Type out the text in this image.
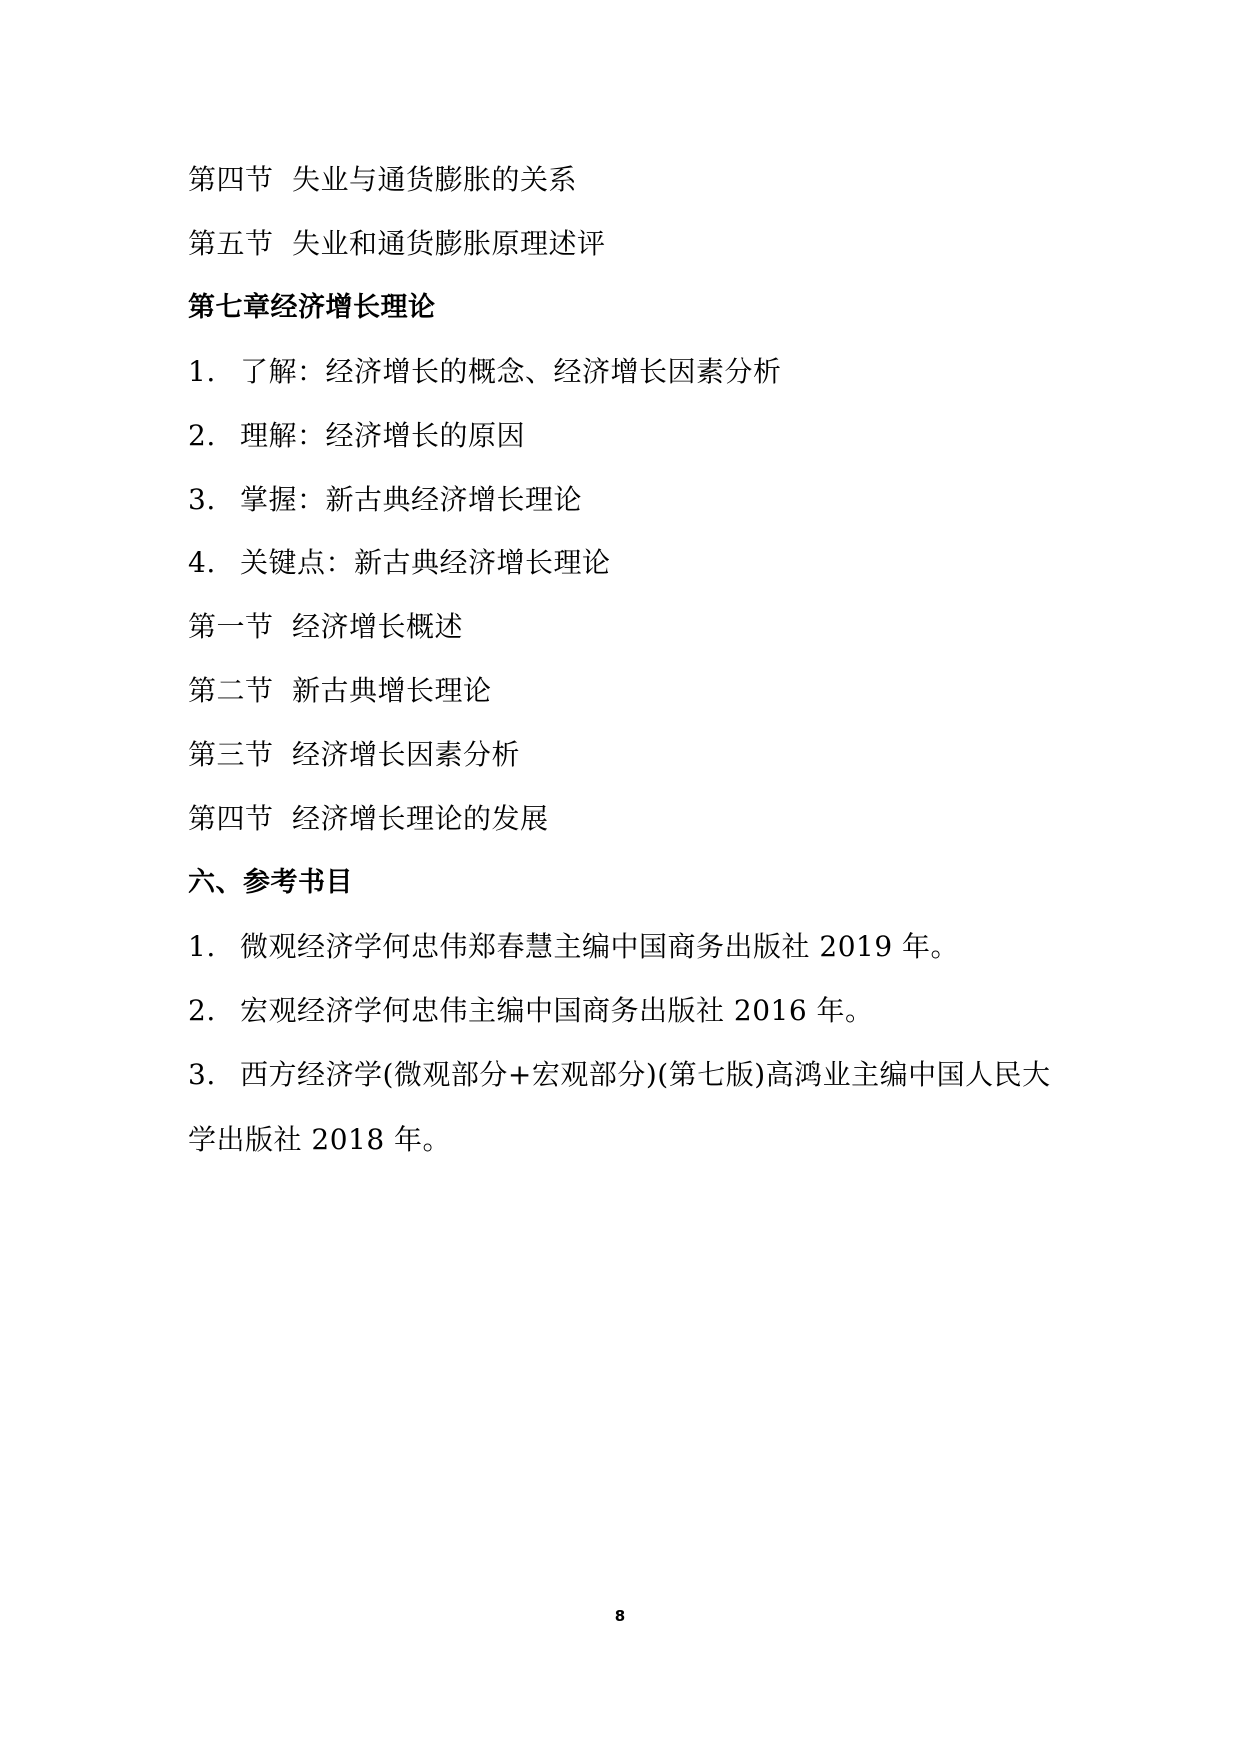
第四节 失业与通货膨胀的关系
第五节 失业和通货膨胀原理述评
第七章经济增长理论
1. 了解：经济增长的概念、经济增长因素分析
2. 理解：经济增长的原因
3. 掌握：新古典经济增长理论
4. 关键点：新古典经济增长理论
第一节 经济增长概述
第二节 新古典增长理论
第三节 经济增长因素分析
第四节 经济增长理论的发展
六、参考书目
1. 微观经济学何忠伟郑春慧主编中国商务出版社 2019 年。
2. 宏观经济学何忠伟主编中国商务出版社 2016 年。
3. 西方经济学(微观部分+宏观部分)(第七版)高鸿业主编中国人民大学出版社 2018 年。
8
